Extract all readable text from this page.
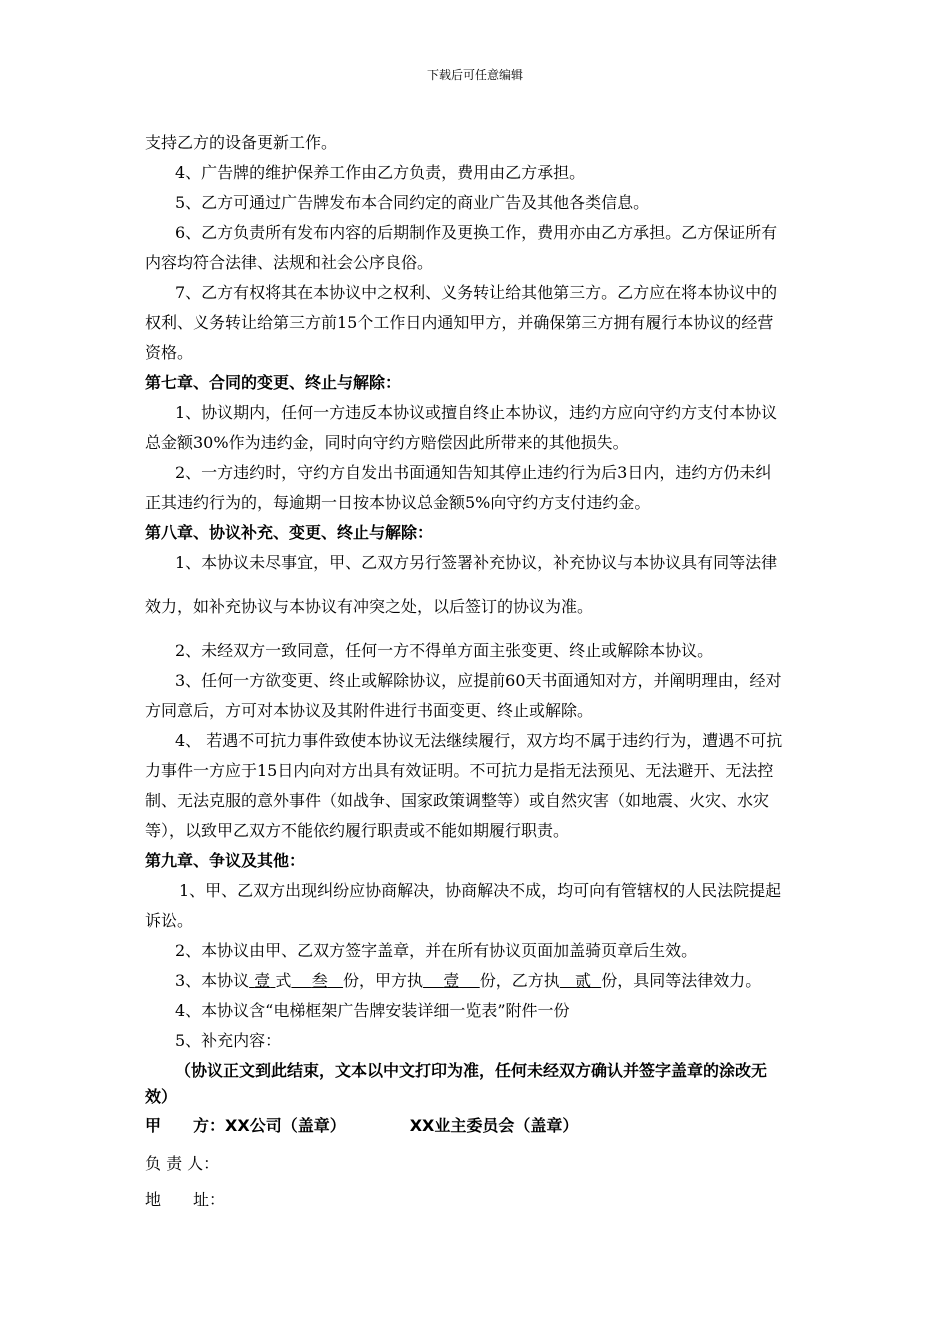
下载后可任意编辑
支持乙方的设备更新工作。
4、广告牌的维护保养工作由乙方负责，费用由乙方承担。
5、乙方可通过广告牌发布本合同约定的商业广告及其他各类信息。
6、乙方负责所有发布内容的后期制作及更换工作，费用亦由乙方承担。乙方保证所有
内容均符合法律、法规和社会公序良俗。
7、乙方有权将其在本协议中之权利、义务转让给其他第三方。乙方应在将本协议中的
权利、义务转让给第三方前15个工作日内通知甲方，并确保第三方拥有履行本协议的经营
资格。
第七章、合同的变更、终止与解除：
1、协议期内，任何一方违反本协议或擅自终止本协议，违约方应向守约方支付本协议
总金额30%作为违约金，同时向守约方赔偿因此所带来的其他损失。
2、一方违约时，守约方自发出书面通知告知其停止违约行为后3日内，违约方仍未纠
正其违约行为的，每逾期一日按本协议总金额5%向守约方支付违约金。
第八章、协议补充、变更、终止与解除：
1、本协议未尽事宜，甲、乙双方另行签署补充协议，补充协议与本协议具有同等法律
效力，如补充协议与本协议有冲突之处，以后签订的协议为准。
2、未经双方一致同意，任何一方不得单方面主张变更、终止或解除本协议。
3、任何一方欲变更、终止或解除协议，应提前60天书面通知对方，并阐明理由，经对
方同意后，方可对本协议及其附件进行书面变更、终止或解除。
4、 若遇不可抗力事件致使本协议无法继续履行，双方均不属于违约行为，遭遇不可抗
力事件一方应于15日内向对方出具有效证明。不可抗力是指无法预见、无法避开、无法控
制、无法克服的意外事件（如战争、国家政策调整等）或自然灾害（如地震、火灾、水灾
等），以致甲乙双方不能依约履行职责或不能如期履行职责。
第九章、争议及其他：
1、甲、乙双方出现纠纷应协商解决，协商解决不成，均可向有管辖权的人民法院提起
诉讼。
2、本协议由甲、乙双方签字盖章，并在所有协议页面加盖骑页章后生效。
3、本协议 壹 式 叁 份，甲方执 壹 份，乙方执 贰 份，具同等法律效力。
4、本协议含“电梯框架广告牌安装详细一览表”附件一份
5、补充内容：
（协议正文到此结束，文本以中文打印为准，任何未经双方确认并签字盖章的涂改无
效）
甲　　方：XX公司（盖章）	XX业主委员会（盖章）
负 责 人：
地　　址：
